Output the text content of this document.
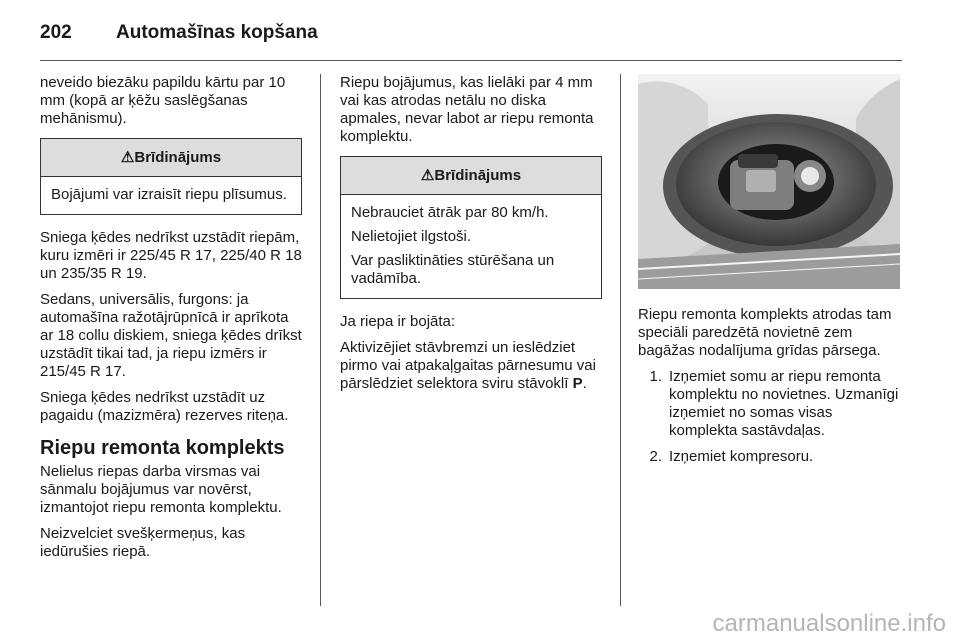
202 Automašīnas kopšana

neveido biezāku papildu kārtu par 10 mm (kopā ar ķēžu saslēgšanas mehānismu).

⚠Brīdinājums

Bojājumi var izraisīt riepu plīsumus.

Sniega ķēdes nedrīkst uzstādīt riepām, kuru izmēri ir 225/45 R 17, 225/40 R 18 un 235/35 R 19.

Sedans, universālis, furgons: ja automašīna ražotājrūpnīcā ir aprīkota ar 18 collu diskiem, sniega ķēdes drīkst uzstādīt tikai tad, ja riepu izmērs ir 215/45 R 17.

Sniega ķēdes nedrīkst uzstādīt uz pagaidu (mazizmēra) rezerves riteņa.

Riepu remonta komplekts

Nelielus riepas darba virsmas vai sānmalu bojājumus var novērst, izmantojot riepu remonta komplektu.

Neizvelciet svešķermeņus, kas iedūrušies riepā.

Riepu bojājumus, kas lielāki par 4 mm vai kas atrodas netālu no diska apmales, nevar labot ar riepu remonta komplektu.

⚠Brīdinājums

Nebrauciet ātrāk par 80 km/h.

Nelietojiet ilgstoši.

Var pasliktināties stūrēšana un vadāmība.

Ja riepa ir bojāta:

Aktivizējiet stāvbremzi un ieslēdziet pirmo vai atpakaļgaitas pārnesumu vai pārslēdziet selektora sviru stāvoklī P.

Riepu remonta komplekts atrodas tam speciāli paredzētā novietnē zem bagāžas nodalījuma grīdas pārsega.

1. Izņemiet somu ar riepu remonta komplektu no novietnes. Uzmanīgi izņemiet no somas visas komplekta sastāvdaļas.
2. Izņemiet kompresoru.
carmanualsonline.info
